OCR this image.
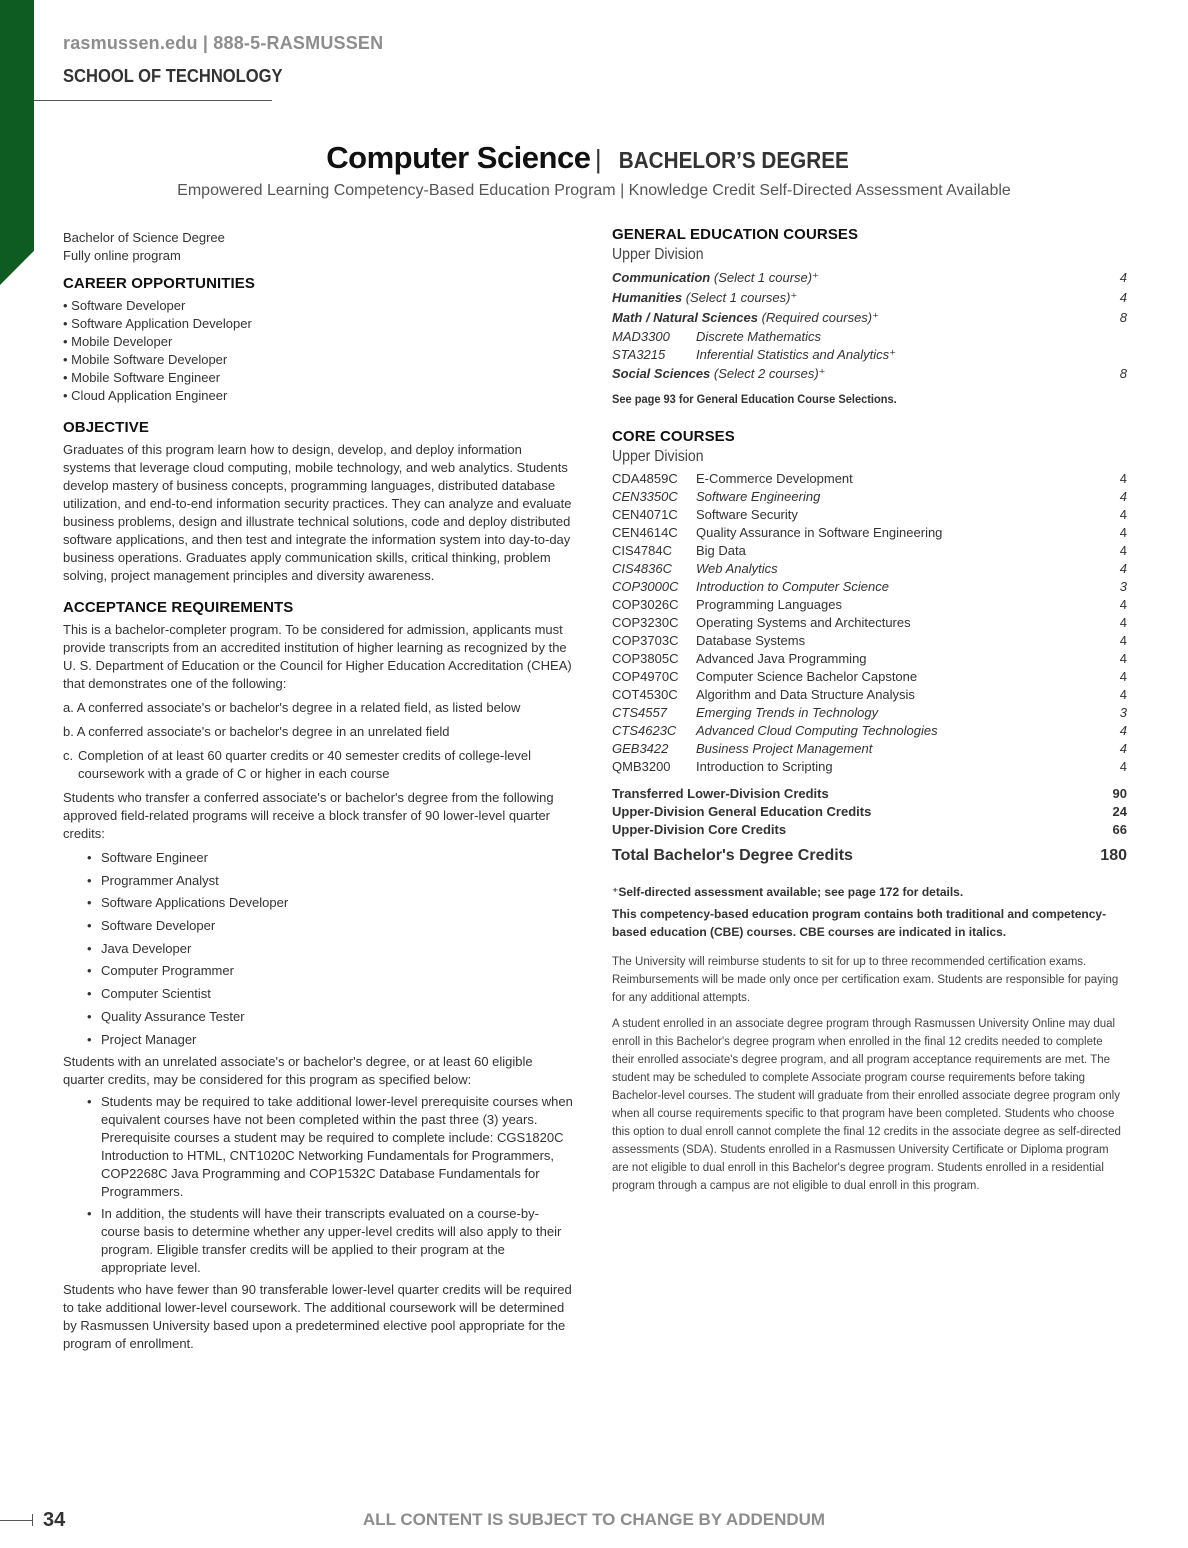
rasmussen.edu | 888-5-RASMUSSEN
SCHOOL OF TECHNOLOGY
Computer Science | BACHELOR’S DEGREE
Empowered Learning Competency-Based Education Program | Knowledge Credit Self-Directed Assessment Available

Bachelor of Science Degree

Fully online program

CAREER OPPORTUNITIES
• Software Developer
• Software Application Developer
• Mobile Developer
• Mobile Software Developer
• Mobile Software Engineer
• Cloud Application Engineer
OBJECTIVE

Graduates of this program learn how to design, develop, and deploy information systems that leverage cloud computing, mobile technology, and web analytics. Students develop mastery of business concepts, programming languages, distributed database utilization, and end-to-end information security practices. They can analyze and evaluate business problems, design and illustrate technical solutions, code and deploy distributed software applications, and then test and integrate the information system into day-to-day business operations. Graduates apply communication skills, critical thinking, problem solving, project management principles and diversity awareness.

ACCEPTANCE REQUIREMENTS

This is a bachelor-completer program. To be considered for admission, applicants must provide transcripts from an accredited institution of higher learning as recognized by the U. S. Department of Education or the Council for Higher Education Accreditation (CHEA) that demonstrates one of the following:

a. A conferred associate's or bachelor's degree in a related field, as listed below

b. A conferred associate's or bachelor's degree in an unrelated field

c. Completion of at least 60 quarter credits or 40 semester credits of college-level coursework with a grade of C or higher in each course

Students who transfer a conferred associate's or bachelor's degree from the following approved field-related programs will receive a block transfer of 90 lower-level quarter credits:

• Software Engineer
• Programmer Analyst
• Software Applications Developer
• Software Developer
• Java Developer
• Computer Programmer
• Computer Scientist
• Quality Assurance Tester
• Project Manager

Students with an unrelated associate's or bachelor's degree, or at least 60 eligible quarter credits, may be considered for this program as specified below:

• Students may be required to take additional lower-level prerequisite courses when equivalent courses have not been completed within the past three (3) years. Prerequisite courses a student may be required to complete include: CGS1820C Introduction to HTML, CNT1020C Networking Fundamentals for Programmers, COP2268C Java Programming and COP1532C Database Fundamentals for Programmers.
• In addition, the students will have their transcripts evaluated on a course-by-course basis to determine whether any upper-level credits will also apply to their program. Eligible transfer credits will be applied to their program at the appropriate level.

Students who have fewer than 90 transferable lower-level quarter credits will be required to take additional lower-level coursework. The additional coursework will be determined by Rasmussen University based upon a predetermined elective pool appropriate for the program of enrollment.

GENERAL EDUCATION COURSES
Upper Division
Communication (Select 1 course)⁺	4
Humanities (Select 1 courses)⁺	4
Math / Natural Sciences (Required courses)⁺	8
MAD3300	Discrete Mathematics
STA3215	Inferential Statistics and Analytics⁺
Social Sciences (Select 2 courses)⁺	8

See page 93 for General Education Course Selections.

CORE COURSES
Upper Division
CDA4859C	E-Commerce Development	4
CEN3350C	Software Engineering	4
CEN4071C	Software Security	4
CEN4614C	Quality Assurance in Software Engineering	4
CIS4784C	Big Data	4
CIS4836C	Web Analytics	4
COP3000C	Introduction to Computer Science	3
COP3026C	Programming Languages	4
COP3230C	Operating Systems and Architectures	4
COP3703C	Database Systems	4
COP3805C	Advanced Java Programming	4
COP4970C	Computer Science Bachelor Capstone	4
COT4530C	Algorithm and Data Structure Analysis	4
CTS4557	Emerging Trends in Technology	3
CTS4623C	Advanced Cloud Computing Technologies	4
GEB3422	Business Project Management	4
QMB3200	Introduction to Scripting	4
Transferred Lower-Division Credits	90
Upper-Division General Education Credits	24
Upper-Division Core Credits	66
Total Bachelor's Degree Credits	180

⁺Self-directed assessment available; see page 172 for details.

This competency-based education program contains both traditional and competency-based education (CBE) courses. CBE courses are indicated in italics.

The University will reimburse students to sit for up to three recommended certification exams. Reimbursements will be made only once per certification exam. Students are responsible for paying for any additional attempts.

A student enrolled in an associate degree program through Rasmussen University Online may dual enroll in this Bachelor's degree program when enrolled in the final 12 credits needed to complete their enrolled associate's degree program, and all program acceptance requirements are met. The student may be scheduled to complete Associate program course requirements before taking Bachelor-level courses. The student will graduate from their enrolled associate degree program only when all course requirements specific to that program have been completed. Students who choose this option to dual enroll cannot complete the final 12 credits in the associate degree as self-directed assessments (SDA). Students enrolled in a Rasmussen University Certificate or Diploma program are not eligible to dual enroll in this Bachelor's degree program. Students enrolled in a residential program through a campus are not eligible to dual enroll in this program.

34	ALL CONTENT IS SUBJECT TO CHANGE BY ADDENDUM
